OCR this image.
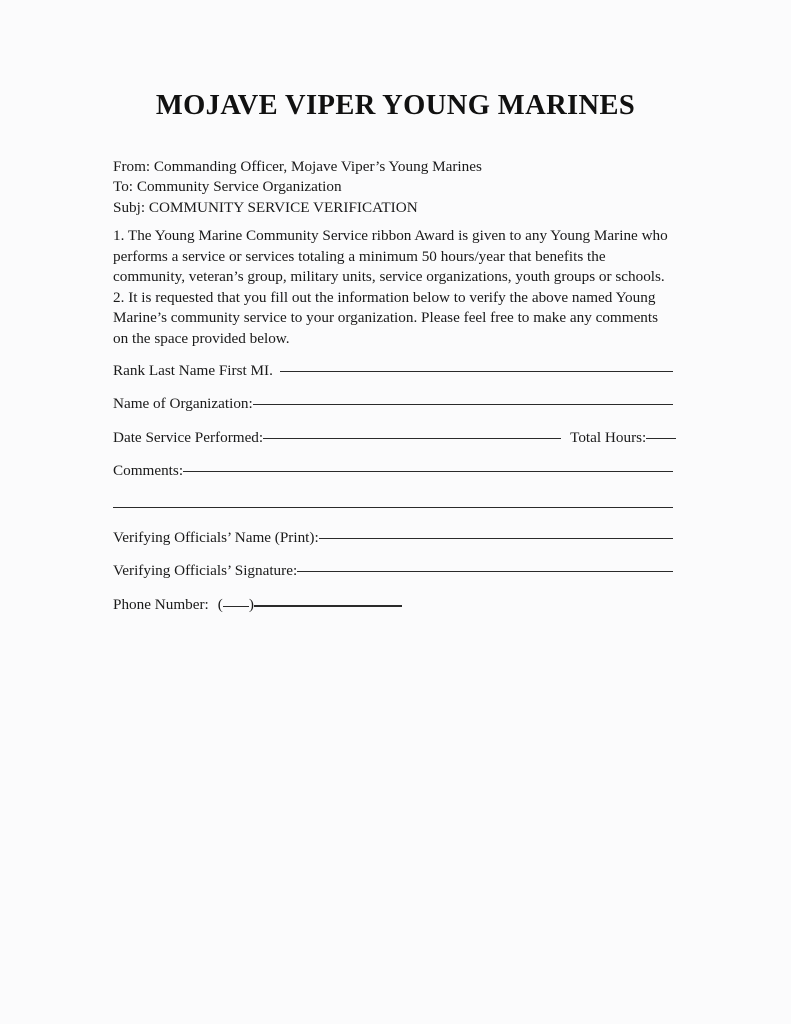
MOJAVE VIPER YOUNG MARINES
From: Commanding Officer, Mojave Viper’s Young Marines
To: Community Service Organization
Subj: COMMUNITY SERVICE VERIFICATION

1. The Young Marine Community Service ribbon Award is given to any Young Marine who performs a service or services totaling a minimum 50 hours/year that benefits the community, veteran’s group, military units, service organizations, youth groups or schools.

2. It is requested that you fill out the information below to verify the above named Young Marine’s community service to your organization. Please feel free to make any comments on the space provided below.

Rank Last Name First MI.
Name of Organization:
Date Service Performed:	Total Hours:
Comments:
Verifying Officials’ Name (Print):
Verifying Officials’ Signature:
Phone Number: ( )
